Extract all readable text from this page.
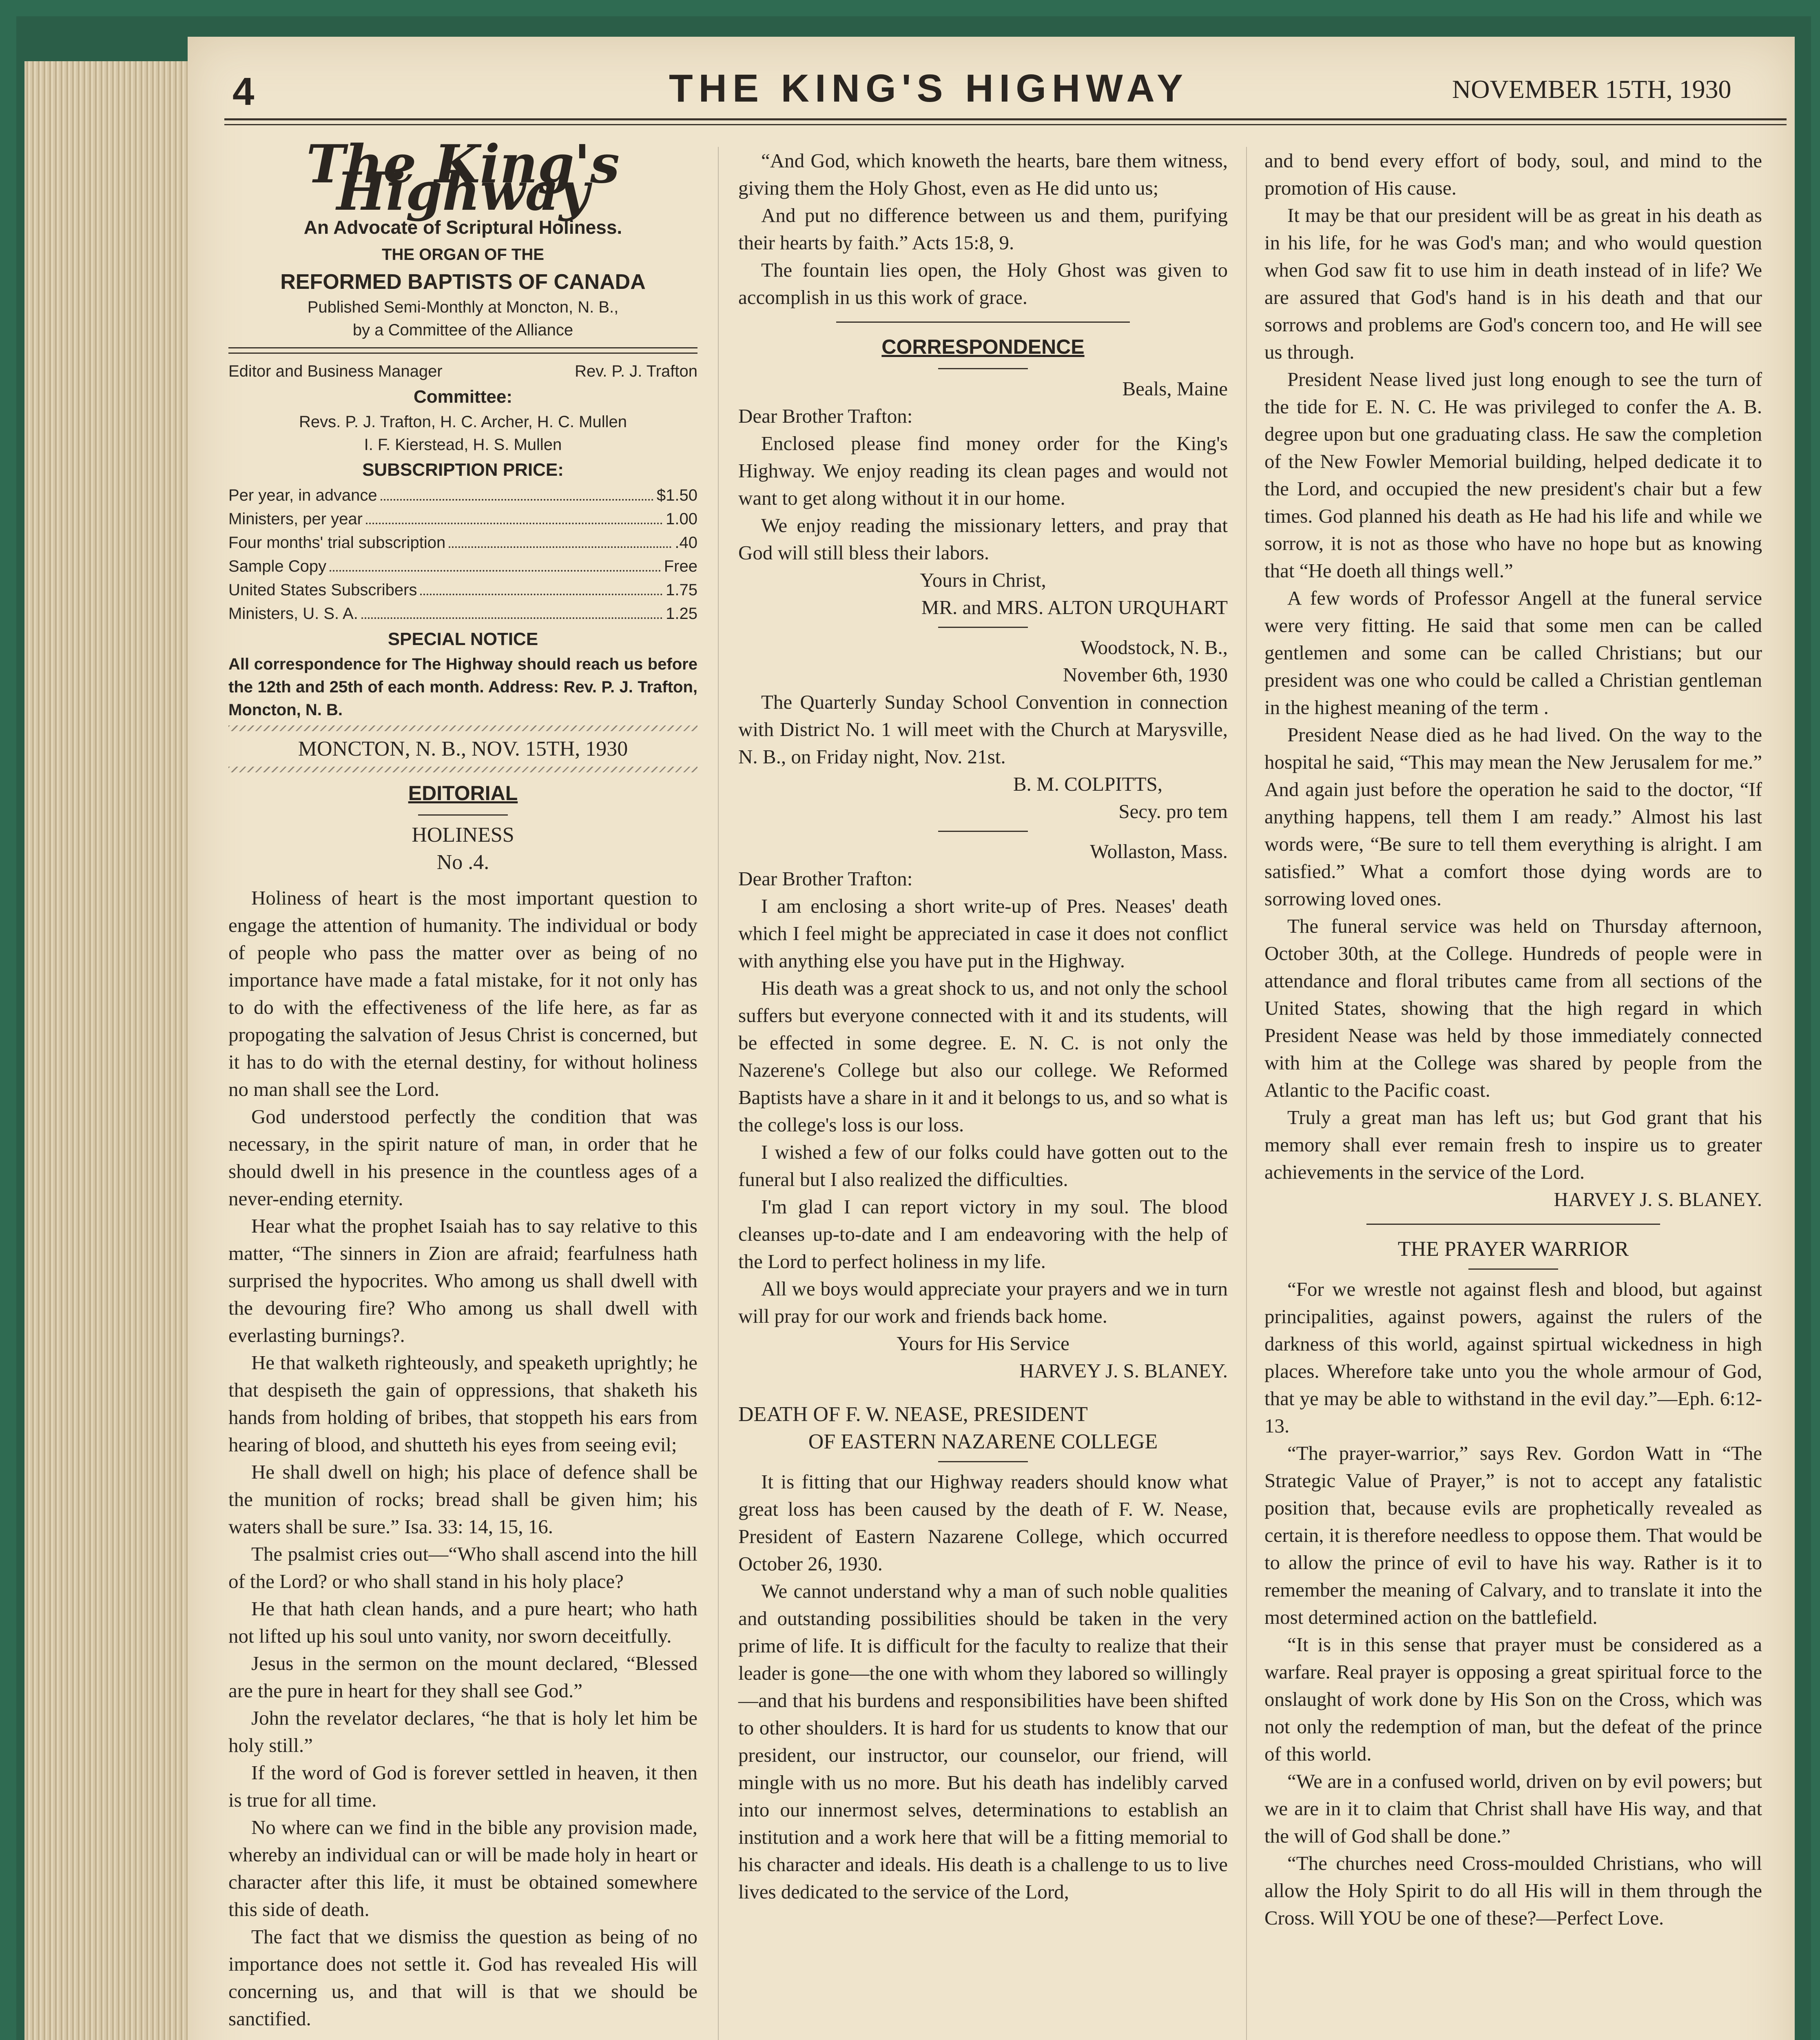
4	THE KING'S HIGHWAY	NOVEMBER 15TH, 1930
The King's Highway
An Advocate of Scriptural Holiness.
THE ORGAN OF THE
REFORMED BAPTISTS OF CANADA
Published Semi-Monthly at Moncton, N. B.,
by a Committee of the Alliance
Editor and Business Manager	Rev. P. J. Trafton
Committee:
Revs. P. J. Trafton, H. C. Archer, H. C. Mullen
I. F. Kierstead, H. S. Mullen
SUBSCRIPTION PRICE:
Per year, in advance	$1.50
Ministers, per year	1.00
Four months' trial subscription	.40
Sample Copy	Free
United States Subscribers	1.75
Ministers, U. S. A.	1.25
SPECIAL NOTICE

All correspondence for The Highway should reach us before the 12th and 25th of each month. Address: Rev. P. J. Trafton, Moncton, N. B.

MONCTON, N. B., NOV. 15TH, 1930
EDITORIAL
HOLINESS
No .4.

Holiness of heart is the most important question to engage the attention of humanity. The individual or body of people who pass the matter over as being of no importance have made a fatal mistake, for it not only has to do with the effectiveness of the life here, as far as propogating the salvation of Jesus Christ is concerned, but it has to do with the eternal destiny, for without holiness no man shall see the Lord.

God understood perfectly the condition that was necessary, in the spirit nature of man, in order that he should dwell in his presence in the countless ages of a never-ending eternity.

Hear what the prophet Isaiah has to say relative to this matter, “The sinners in Zion are afraid; fearfulness hath surprised the hypocrites. Who among us shall dwell with the devouring fire? Who among us shall dwell with everlasting burnings?.

He that walketh righteously, and speaketh uprightly; he that despiseth the gain of oppressions, that shaketh his hands from holding of bribes, that stoppeth his ears from hearing of blood, and shutteth his eyes from seeing evil;

He shall dwell on high; his place of defence shall be the munition of rocks; bread shall be given him; his waters shall be sure.” Isa. 33: 14, 15, 16.

The psalmist cries out—“Who shall ascend into the hill of the Lord? or who shall stand in his holy place?

He that hath clean hands, and a pure heart; who hath not lifted up his soul unto vanity, nor sworn deceitfully.

Jesus in the sermon on the mount declared, “Blessed are the pure in heart for they shall see God.”

John the revelator declares, “he that is holy let him be holy still.”

If the word of God is forever settled in heaven, it then is true for all time.

No where can we find in the bible any provision made, whereby an individual can or will be made holy in heart or character after this life, it must be obtained somewhere this side of death.

The fact that we dismiss the question as being of no importance does not settle it. God has revealed His will concerning us, and that will is that we should be sanctified.

“And God, which knoweth the hearts, bare them witness, giving them the Holy Ghost, even as He did unto us;

And put no difference between us and them, purifying their hearts by faith.” Acts 15:8, 9.

The fountain lies open, the Holy Ghost was given to accomplish in us this work of grace.

CORRESPONDENCE

Beals, Maine

Dear Brother Trafton:

Enclosed please find money order for the King's Highway. We enjoy reading its clean pages and would not want to get along without it in our home.

We enjoy reading the missionary letters, and pray that God will still bless their labors.

Yours in Christ,

MR. and MRS. ALTON URQUHART

Woodstock, N. B.,

November 6th, 1930

The Quarterly Sunday School Convention in connection with District No. 1 will meet with the Church at Marysville, N. B., on Friday night, Nov. 21st.

B. M. COLPITTS,

Secy. pro tem

Wollaston, Mass.

Dear Brother Trafton:

I am enclosing a short write-up of Pres. Neases' death which I feel might be appreciated in case it does not conflict with anything else you have put in the Highway.

His death was a great shock to us, and not only the school suffers but everyone connected with it and its students, will be effected in some degree. E. N. C. is not only the Nazerene's College but also our college. We Reformed Baptists have a share in it and it belongs to us, and so what is the college's loss is our loss.

I wished a few of our folks could have gotten out to the funeral but I also realized the difficulties.

I'm glad I can report victory in my soul. The blood cleanses up-to-date and I am endeavoring with the help of the Lord to perfect holiness in my life.

All we boys would appreciate your prayers and we in turn will pray for our work and friends back home.

Yours for His Service

HARVEY J. S. BLANEY.

DEATH OF F. W. NEASE, PRESIDENT

OF EASTERN NAZARENE COLLEGE

It is fitting that our Highway readers should know what great loss has been caused by the death of F. W. Nease, President of Eastern Nazarene College, which occurred October 26, 1930.

We cannot understand why a man of such noble qualities and outstanding possibilities should be taken in the very prime of life. It is difficult for the faculty to realize that their leader is gone—the one with whom they labored so willingly—and that his burdens and responsibilities have been shifted to other shoulders. It is hard for us students to know that our president, our instructor, our counselor, our friend, will mingle with us no more. But his death has indelibly carved into our innermost selves, determinations to establish an institution and a work here that will be a fitting memorial to his character and ideals. His death is a challenge to us to live lives dedicated to the service of the Lord,

and to bend every effort of body, soul, and mind to the promotion of His cause.

It may be that our president will be as great in his death as in his life, for he was God's man; and who would question when God saw fit to use him in death instead of in life? We are assured that God's hand is in his death and that our sorrows and problems are God's concern too, and He will see us through.

President Nease lived just long enough to see the turn of the tide for E. N. C. He was privileged to confer the A. B. degree upon but one graduating class. He saw the completion of the New Fowler Memorial building, helped dedicate it to the Lord, and occupied the new president's chair but a few times. God planned his death as He had his life and while we sorrow, it is not as those who have no hope but as knowing that “He doeth all things well.”

A few words of Professor Angell at the funeral service were very fitting. He said that some men can be called gentlemen and some can be called Christians; but our president was one who could be called a Christian gentleman in the highest meaning of the term .

President Nease died as he had lived. On the way to the hospital he said, “This may mean the New Jerusalem for me.” And again just before the operation he said to the doctor, “If anything happens, tell them I am ready.” Almost his last words were, “Be sure to tell them everything is alright. I am satisfied.” What a comfort those dying words are to sorrowing loved ones.

The funeral service was held on Thursday afternoon, October 30th, at the College. Hundreds of people were in attendance and floral tributes came from all sections of the United States, showing that the high regard in which President Nease was held by those immediately connected with him at the College was shared by people from the Atlantic to the Pacific coast.

Truly a great man has left us; but God grant that his memory shall ever remain fresh to inspire us to greater achievements in the service of the Lord.

HARVEY J. S. BLANEY.

THE PRAYER WARRIOR

“For we wrestle not against flesh and blood, but against principalities, against powers, against the rulers of the darkness of this world, against spirtual wickedness in high places. Wherefore take unto you the whole armour of God, that ye may be able to withstand in the evil day.”—Eph. 6:12-13.

“The prayer-warrior,” says Rev. Gordon Watt in “The Strategic Value of Prayer,” is not to accept any fatalistic position that, because evils are prophetically revealed as certain, it is therefore needless to oppose them. That would be to allow the prince of evil to have his way. Rather is it to remember the meaning of Calvary, and to translate it into the most determined action on the battlefield.

“It is in this sense that prayer must be considered as a warfare. Real prayer is opposing a great spiritual force to the onslaught of work done by His Son on the Cross, which was not only the redemption of man, but the defeat of the prince of this world.

“We are in a confused world, driven on by evil powers; but we are in it to claim that Christ shall have His way, and that the will of God shall be done.”

“The churches need Cross-moulded Christians, who will allow the Holy Spirit to do all His will in them through the Cross. Will YOU be one of these?—Perfect Love.
